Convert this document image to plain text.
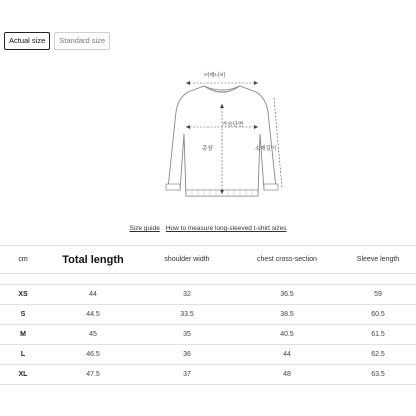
Actual size	Standard size
어깨너비
가슴단면
총장	소매길이
Size guide How to measure long-sleeved t-shirt sizes
cm	Total length	shoulder width	chest cross-section	Sleeve length

XS	44	32	36.5	59
S	44.5	33.5	38.5	60.5
M	45	35	40.5	61.5
L	46.5	36	44	62.5
XL	47.5	37	48	63.5
